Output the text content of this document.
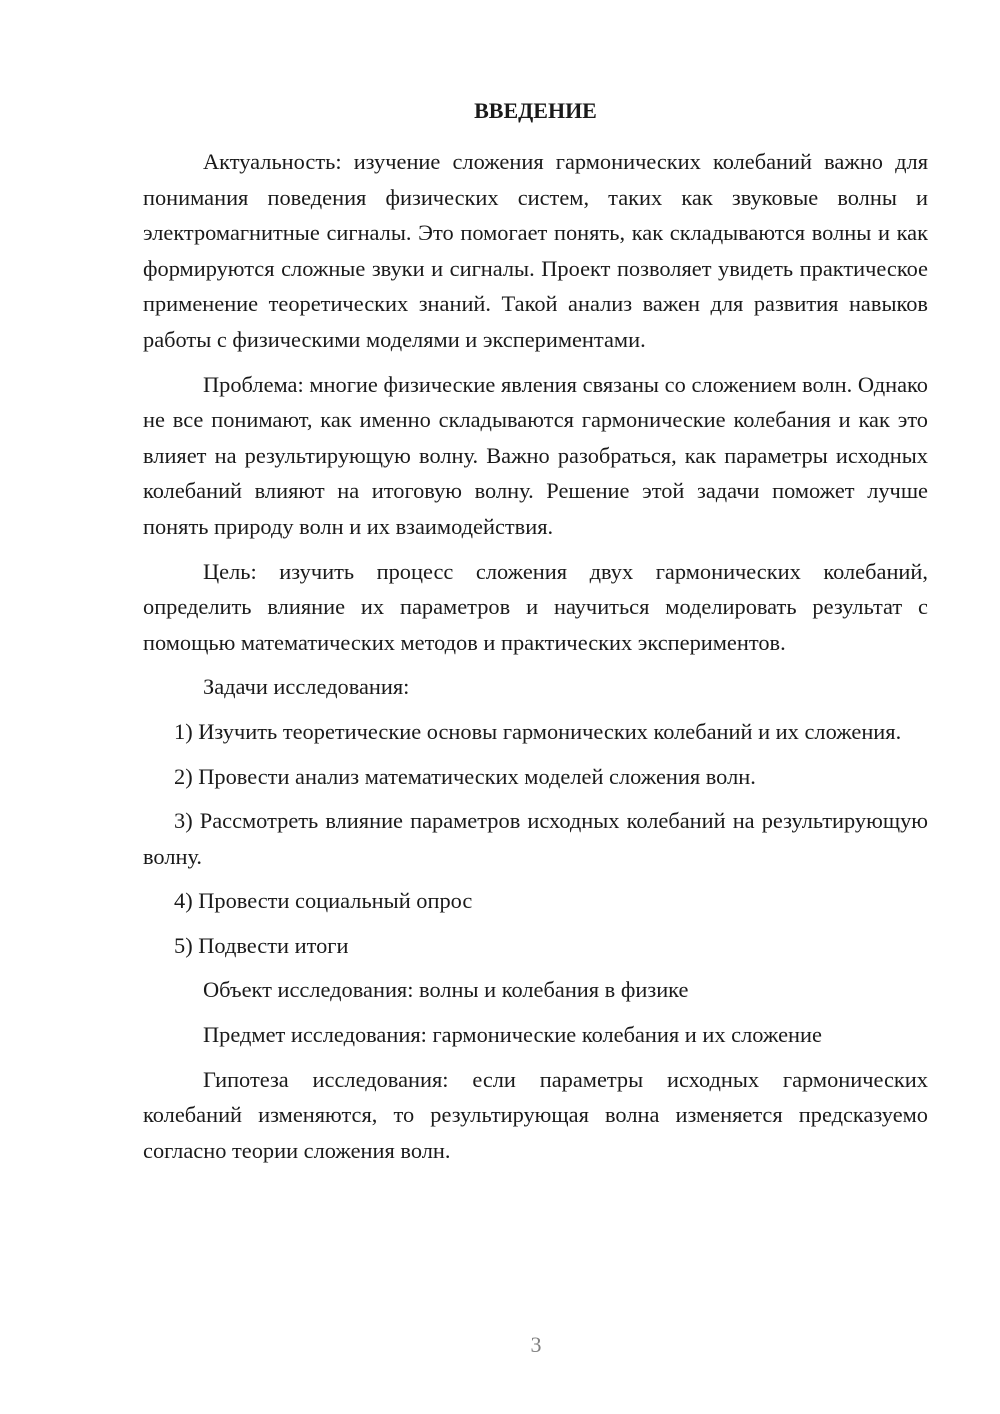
ВВЕДЕНИЕ

Актуальность: изучение сложения гармонических колебаний важно для понимания поведения физических систем, таких как звуковые волны и электромагнитные сигналы. Это помогает понять, как складываются волны и как формируются сложные звуки и сигналы. Проект позволяет увидеть практическое применение теоретических знаний. Такой анализ важен для развития навыков работы с физическими моделями и экспериментами.

Проблема: многие физические явления связаны со сложением волн. Однако не все понимают, как именно складываются гармонические колебания и как это влияет на результирующую волну. Важно разобраться, как параметры исходных колебаний влияют на итоговую волну. Решение этой задачи поможет лучше понять природу волн и их взаимодействия.

Цель: изучить процесс сложения двух гармонических колебаний, определить влияние их параметров и научиться моделировать результат с помощью математических методов и практических экспериментов.

Задачи исследования:

1) Изучить теоретические основы гармонических колебаний и их сложения.

2) Провести анализ математических моделей сложения волн.

3) Рассмотреть влияние параметров исходных колебаний на результирующую волну.

4) Провести социальный опрос

5) Подвести итоги

Объект исследования: волны и колебания в физике

Предмет исследования: гармонические колебания и их сложение

Гипотеза исследования: если параметры исходных гармонических колебаний изменяются, то результирующая волна изменяется предсказуемо согласно теории сложения волн.

3
